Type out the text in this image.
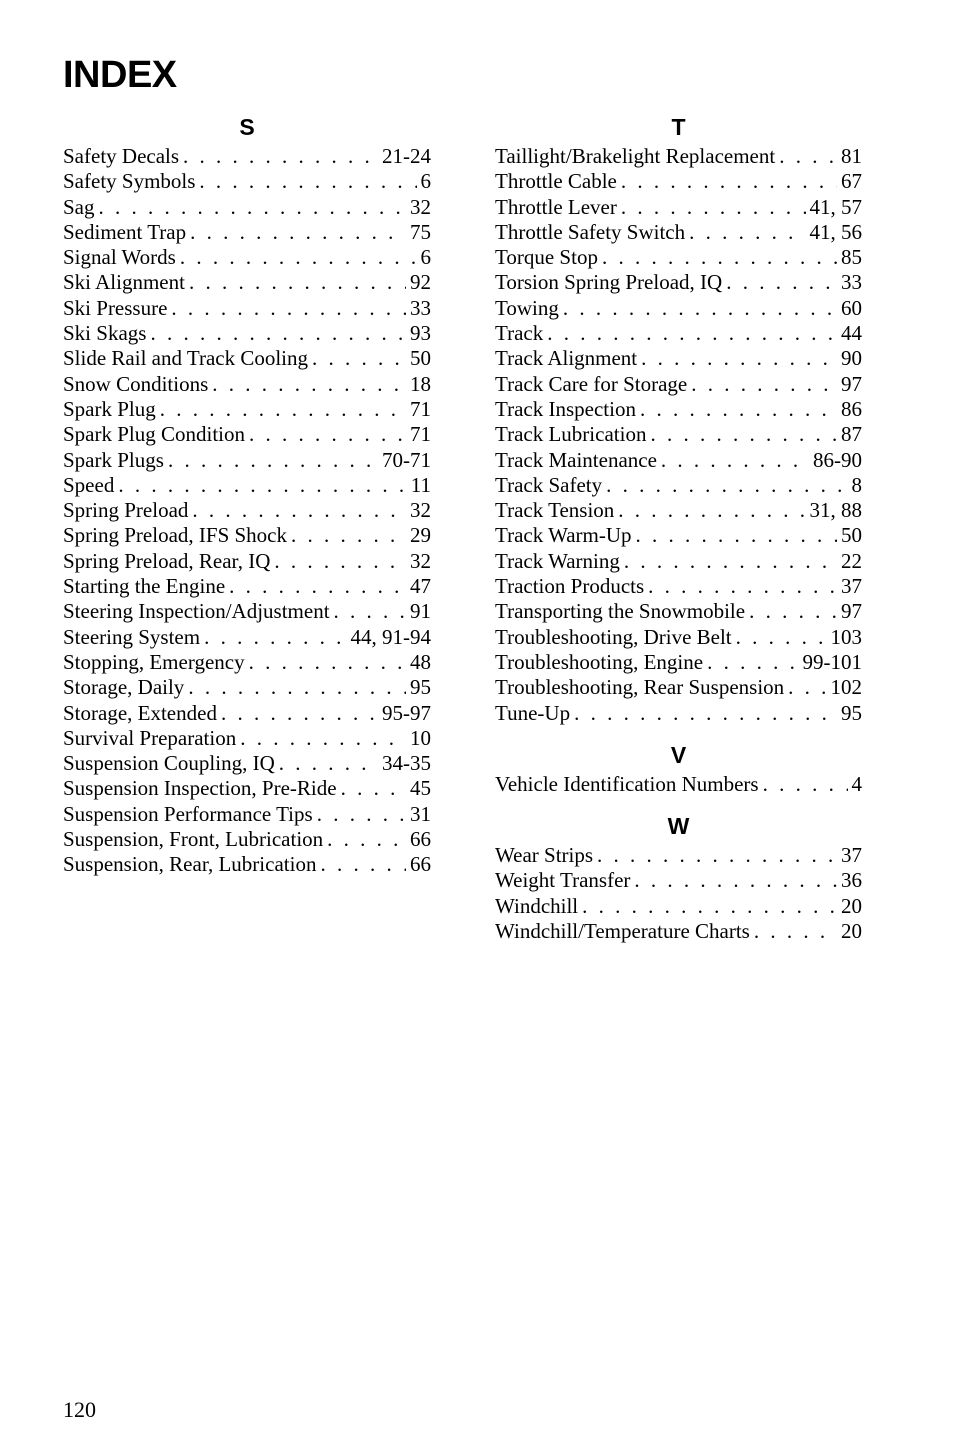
INDEX
S
Safety Decals . . .	21-24
Safety Symbols . . .	6
Sag . . .	32
Sediment Trap . . .	75
Signal Words . . .	6
Ski Alignment . . .	92
Ski Pressure . . .	33
Ski Skags . . .	93
Slide Rail and Track Cooling . . .	50
Snow Conditions . . .	18
Spark Plug . . .	71
Spark Plug Condition . . .	71
Spark Plugs . . .	70-71
Speed . . .	11
Spring Preload . . .	32
Spring Preload, IFS Shock . . .	29
Spring Preload, Rear, IQ . . .	32
Starting the Engine . . .	47
Steering Inspection/Adjustment . . .	91
Steering System . . .	44, 91-94
Stopping, Emergency . . .	48
Storage, Daily . . .	95
Storage, Extended . . .	95-97
Survival Preparation . . .	10
Suspension Coupling, IQ . . .	34-35
Suspension Inspection, Pre-Ride . . .	45
Suspension Performance Tips . . .	31
Suspension, Front, Lubrication . . .	66
Suspension, Rear, Lubrication . . .	66
T
Taillight/Brakelight Replacement . . .	81
Throttle Cable . . .	67
Throttle Lever . . .	41, 57
Throttle Safety Switch . . .	41, 56
Torque Stop . . .	85
Torsion Spring Preload, IQ . . .	33
Towing . . .	60
Track . . .	44
Track Alignment . . .	90
Track Care for Storage . . .	97
Track Inspection . . .	86
Track Lubrication . . .	87
Track Maintenance . . .	86-90
Track Safety . . .	8
Track Tension . . .	31, 88
Track Warm-Up . . .	50
Track Warning . . .	22
Traction Products . . .	37
Transporting the Snowmobile . . .	97
Troubleshooting, Drive Belt . . .	103
Troubleshooting, Engine . . .	99-101
Troubleshooting, Rear Suspension . . . 102
Tune-Up . . .	95
V
Vehicle Identification Numbers . . .	4
W
Wear Strips . . .	37
Weight Transfer . . .	36
Windchill . . .	20
Windchill/Temperature Charts . . .	20
120
